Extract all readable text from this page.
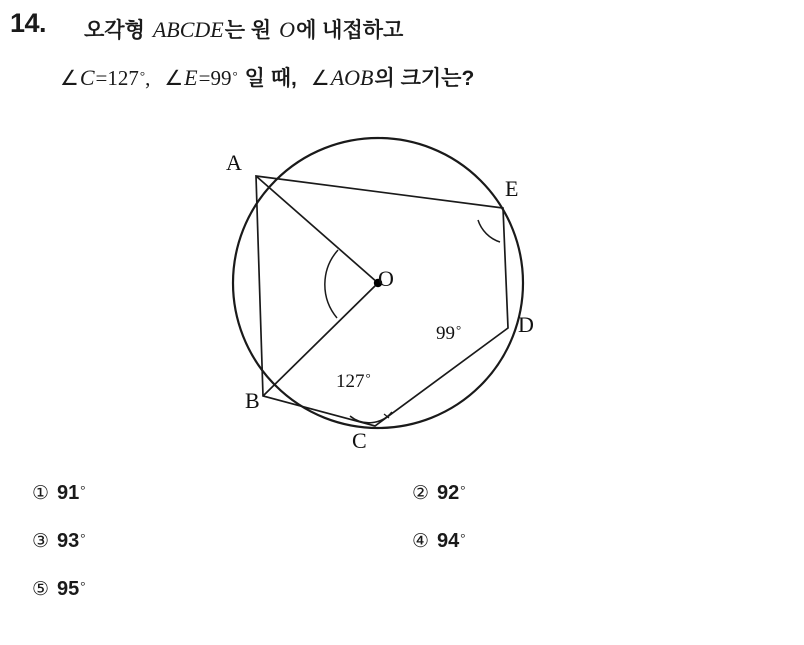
14. 오각형 ABCDE는 원 O에 내접하고
∠C=127°, ∠E=99° 일 때, ∠AOB의 크기는?
A
E
O
D
B
C
99°
127°
① 91°	② 92°
③ 93°	④ 94°
⑤ 95°
